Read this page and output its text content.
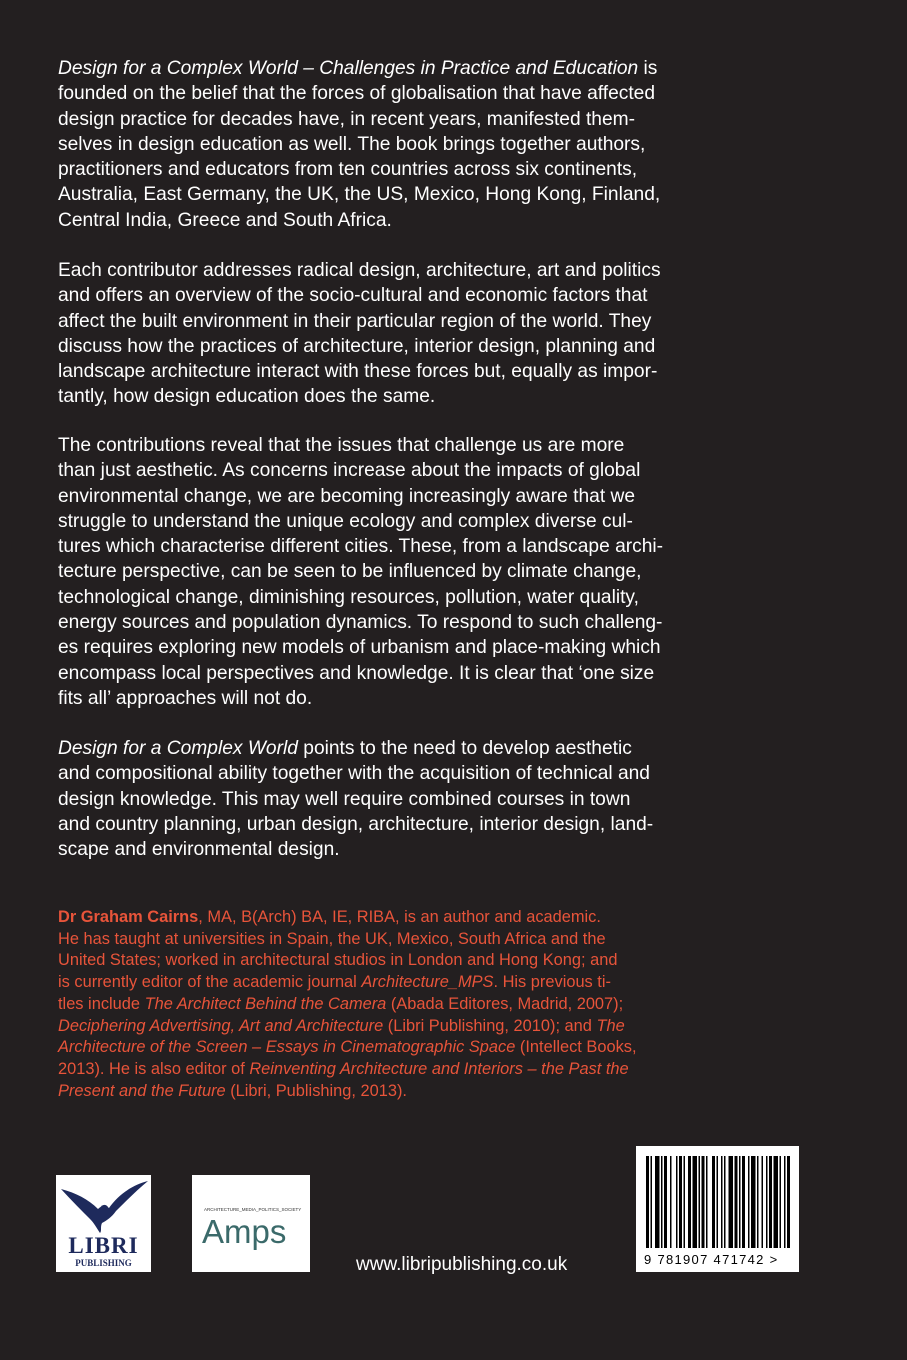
Design for a Complex World – Challenges in Practice and Education is
founded on the belief that the forces of globalisation that have affected
design practice for decades have, in recent years, manifested them-
selves in design education as well. The book brings together authors,
practitioners and educators from ten countries across six continents,
Australia, East Germany, the UK, the US, Mexico, Hong Kong, Finland,
Central India, Greece and South Africa.
Each contributor addresses radical design, architecture, art and politics
and offers an overview of the socio-cultural and economic factors that
affect the built environment in their particular region of the world. They
discuss how the practices of architecture, interior design, planning and
landscape architecture interact with these forces but, equally as impor-
tantly, how design education does the same.
The contributions reveal that the issues that challenge us are more
than just aesthetic. As concerns increase about the impacts of global
environmental change, we are becoming increasingly aware that we
struggle to understand the unique ecology and complex diverse cul-
tures which characterise different cities. These, from a landscape archi-
tecture perspective, can be seen to be influenced by climate change,
technological change, diminishing resources, pollution, water quality,
energy sources and population dynamics. To respond to such challeng-
es requires exploring new models of urbanism and place-making which
encompass local perspectives and knowledge. It is clear that ‘one size
fits all’ approaches will not do.
Design for a Complex World points to the need to develop aesthetic
and compositional ability together with the acquisition of technical and
design knowledge. This may well require combined courses in town
and country planning, urban design, architecture, interior design, land-
scape and environmental design.
Dr Graham Cairns, MA, B(Arch) BA, IE, RIBA, is an author and academic.
He has taught at universities in Spain, the UK, Mexico, South Africa and the
United States; worked in architectural studios in London and Hong Kong; and
is currently editor of the academic journal Architecture_MPS. His previous ti-
tles include The Architect Behind the Camera (Abada Editores, Madrid, 2007);
Deciphering Advertising, Art and Architecture (Libri Publishing, 2010); and The
Architecture of the Screen – Essays in Cinematographic Space (Intellect Books,
2013). He is also editor of Reinventing Architecture and Interiors – the Past the
Present and the Future (Libri, Publishing, 2013).
LIBRI
PUBLISHING
ARCHITECTURE_MEDIA_POLITICS_SOCIETY
Amps
www.libripublishing.co.uk	9 781907 471742 >
